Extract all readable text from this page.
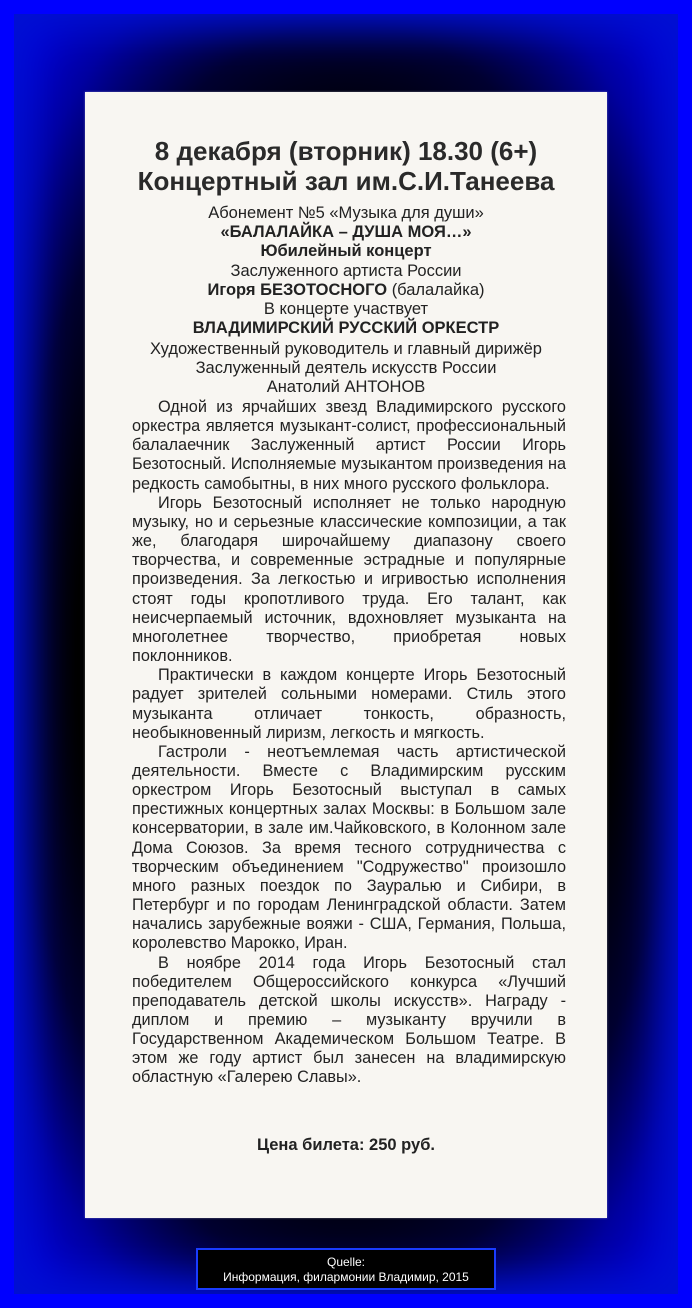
8 декабря (вторник) 18.30 (6+)
Концертный зал им.С.И.Танеева
Абонемент №5 «Музыка для души»
«БАЛАЛАЙКА – ДУША МОЯ…»
Юбилейный концерт
Заслуженного артиста России
Игоря БЕЗОТОСНОГО (балалайка)
В концерте участвует
ВЛАДИМИРСКИЙ РУССКИЙ ОРКЕСТР
Художественный руководитель и главный дирижёр
Заслуженный деятель искусств России
Анатолий АНТОНОВ

Одной из ярчайших звезд Владимирского русского оркестра является музыкант-солист, профессиональный балалаечник Заслуженный артист России Игорь Безотосный. Исполняемые музыкантом произведения на редкость самобытны, в них много русского фольклора.

Игорь Безотосный исполняет не только народную музыку, но и серьезные классические композиции, а так же, благодаря широчайшему диапазону своего творчества, и современные эстрадные и популярные произведения. За легкостью и игривостью исполнения стоят годы кропотливого труда. Его талант, как неисчерпаемый источник, вдохновляет музыканта на многолетнее творчество, приобретая новых поклонников.

Практически в каждом концерте Игорь Безотосный радует зрителей сольными номерами. Стиль этого музыканта отличает тонкость, образность, необыкновенный лиризм, легкость и мягкость.

Гастроли - неотъемлемая часть артистической деятельности. Вместе с Владимирским русским оркестром Игорь Безотосный выступал в самых престижных концертных залах Москвы: в Большом зале консерватории, в зале им.Чайковского, в Колонном зале Дома Союзов. За время тесного сотрудничества с творческим объединением "Содружество" произошло много разных поездок по Зауралью и Сибири, в Петербург и по городам Ленинградской области. Затем начались зарубежные вояжи - США, Германия, Польша, королевство Марокко, Иран.

В ноябре 2014 года Игорь Безотосный стал победителем Общероссийского конкурса «Лучший преподаватель детской школы искусств». Награду - диплом и премию – музыканту вручили в Государственном Академическом Большом Театре. В этом же году артист был занесен на владимирскую областную «Галерею Славы».

Цена билета: 250 руб.
Quelle:
Информация, филармонии Владимир, 2015
